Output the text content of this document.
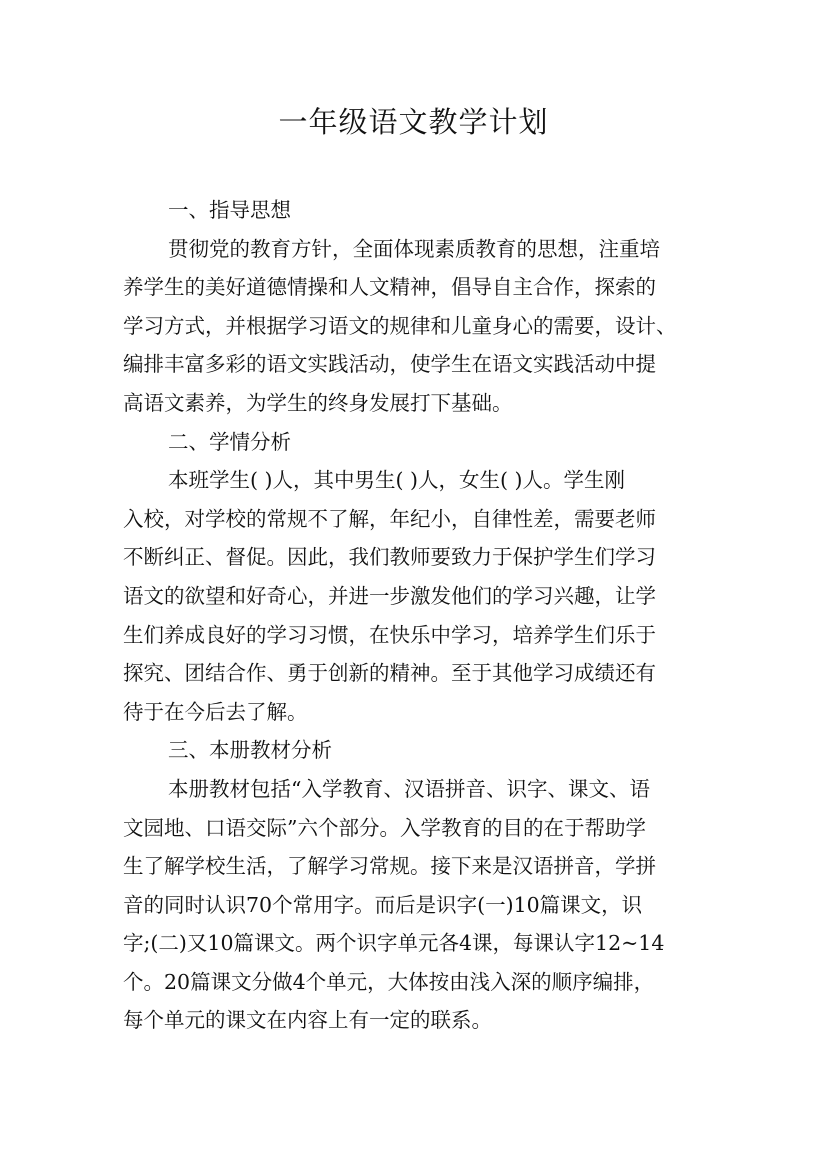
一年级语文教学计划

一、指导思想

贯彻党的教育方针，全面体现素质教育的思想，注重培

养学生的美好道德情操和人文精神，倡导自主合作，探索的

学习方式，并根据学习语文的规律和儿童身心的需要，设计、

编排丰富多彩的语文实践活动，使学生在语文实践活动中提

高语文素养，为学生的终身发展打下基础。

二、学情分析

本班学生( )人，其中男生( )人，女生( )人。学生刚

入校，对学校的常规不了解，年纪小，自律性差，需要老师

不断纠正、督促。因此，我们教师要致力于保护学生们学习

语文的欲望和好奇心，并进一步激发他们的学习兴趣，让学

生们养成良好的学习习惯，在快乐中学习，培养学生们乐于

探究、团结合作、勇于创新的精神。至于其他学习成绩还有

待于在今后去了解。

三、本册教材分析

本册教材包括“入学教育、汉语拼音、识字、课文、语

文园地、口语交际”六个部分。入学教育的目的在于帮助学

生了解学校生活，了解学习常规。接下来是汉语拼音，学拼

音的同时认识70个常用字。而后是识字(一)10篇课文，识

字;(二)又10篇课文。两个识字单元各4课，每课认字12~14

个。20篇课文分做4个单元，大体按由浅入深的顺序编排，

每个单元的课文在内容上有一定的联系。
